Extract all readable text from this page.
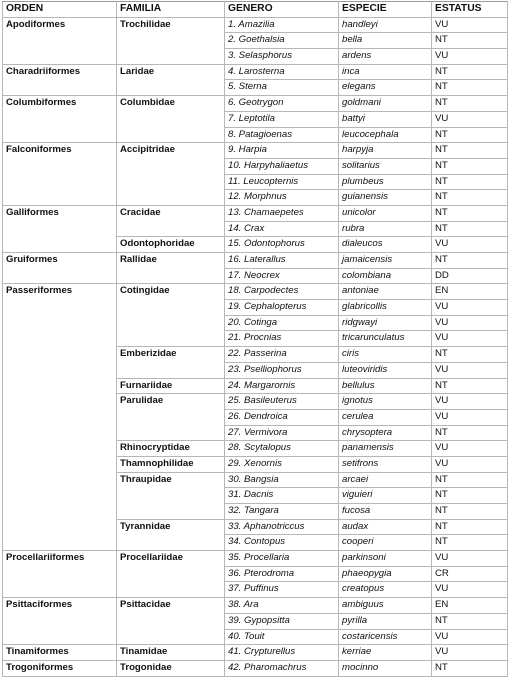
ORDEN	FAMILIA	GENERO	ESPECIE	ESTATUS
Apodiformes	Trochilidae	1. Amazilia	handleyi	VU
		2. Goethalsia	bella	NT
		3. Selasphorus	ardens	VU
Charadriiformes	Laridae	4. Larosterna	inca	NT
		5. Sterna	elegans	NT
Columbiformes	Columbidae	6. Geotrygon	goldmani	NT
		7. Leptotila	battyi	VU
		8. Patagioenas	leucocephala	NT
Falconiformes	Accipitridae	9. Harpia	harpyja	NT
		10. Harpyhaliaetus	solitarius	NT
		11. Leucopternis	plumbeus	NT
		12. Morphnus	guianensis	NT
Galliformes	Cracidae	13. Chamaepetes	unicolor	NT
		14. Crax	rubra	NT
	Odontophoridae	15. Odontophorus	dialeucos	VU
Gruiformes	Rallidae	16. Laterallus	jamaicensis	NT
		17. Neocrex	colombiana	DD
Passeriformes	Cotingidae	18. Carpodectes	antoniae	EN
		19. Cephalopterus	glabricollis	VU
		20. Cotinga	ridgwayi	VU
		21. Procnias	tricarunculatus	VU
	Emberizidae	22. Passerina	ciris	NT
		23. Pselliophorus	luteoviridis	VU
	Furnariidae	24. Margarornis	bellulus	NT
	Parulidae	25. Basileuterus	ignotus	VU
		26. Dendroica	cerulea	VU
		27. Vermivora	chrysoptera	NT
	Rhinocryptidae	28. Scytalopus	panamensis	VU
	Thamnophilidae	29. Xenornis	setifrons	VU
	Thraupidae	30. Bangsia	arcaei	NT
		31. Dacnis	viguieri	NT
		32. Tangara	fucosa	NT
	Tyrannidae	33. Aphanotriccus	audax	NT
		34. Contopus	cooperi	NT
Procellariiformes	Procellariidae	35. Procellaria	parkinsoni	VU
		36. Pterodroma	phaeopygia	CR
		37. Puffinus	creatopus	VU
Psittaciformes	Psittacidae	38. Ara	ambiguus	EN
		39. Gypopsitta	pyrilla	NT
		40. Touit	costaricensis	VU
Tinamiformes	Tinamidae	41. Crypturellus	kerriae	VU
Trogoniformes	Trogonidae	42. Pharomachrus	mocinno	NT
